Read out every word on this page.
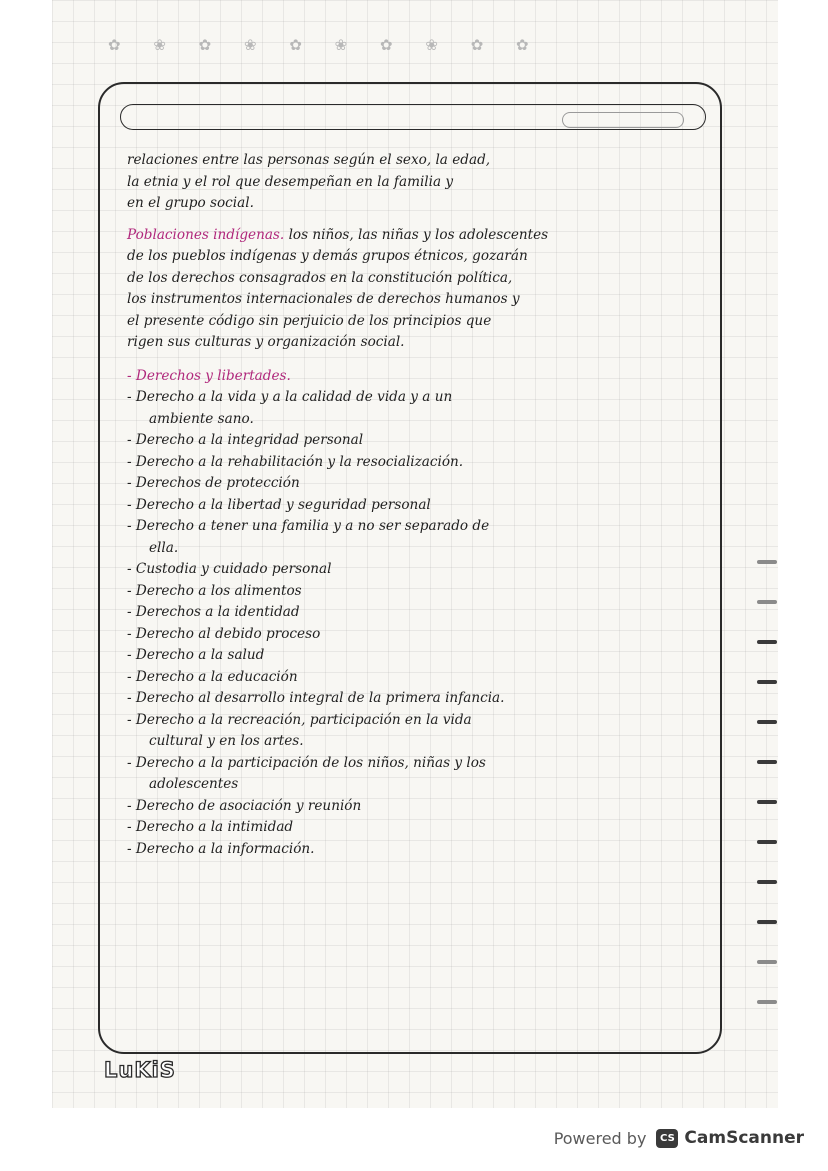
✿ ❀ ✿ ❀ ✿ ❀ ✿ ❀ ✿ ✿
relaciones entre las personas según el sexo, la edad,
la etnia y el rol que desempeñan en la familia y
en el grupo social.
Poblaciones indígenas. los niños, las niñas y los adolescentes
de los pueblos indígenas y demás grupos étnicos, gozarán
de los derechos consagrados en la constitución política,
los instrumentos internacionales de derechos humanos y
el presente código sin perjuicio de los principios que
rigen sus culturas y organización social.
- Derechos y libertades.
- Derecho a la vida y a la calidad de vida y a un
ambiente sano.
- Derecho a la integridad personal
- Derecho a la rehabilitación y la resocialización.
- Derechos de protección
- Derecho a la libertad y seguridad personal
- Derecho a tener una familia y a no ser separado de
ella.
- Custodia y cuidado personal
- Derecho a los alimentos
- Derechos a la identidad
- Derecho al debido proceso
- Derecho a la salud
- Derecho a la educación
- Derecho al desarrollo integral de la primera infancia.
- Derecho a la recreación, participación en la vida
cultural y en los artes.
- Derecho a la participación de los niños, niñas y los
adolescentes
- Derecho de asociación y reunión
- Derecho a la intimidad
- Derecho a la información.
LuKiS
Powered by	CS CamScanner
